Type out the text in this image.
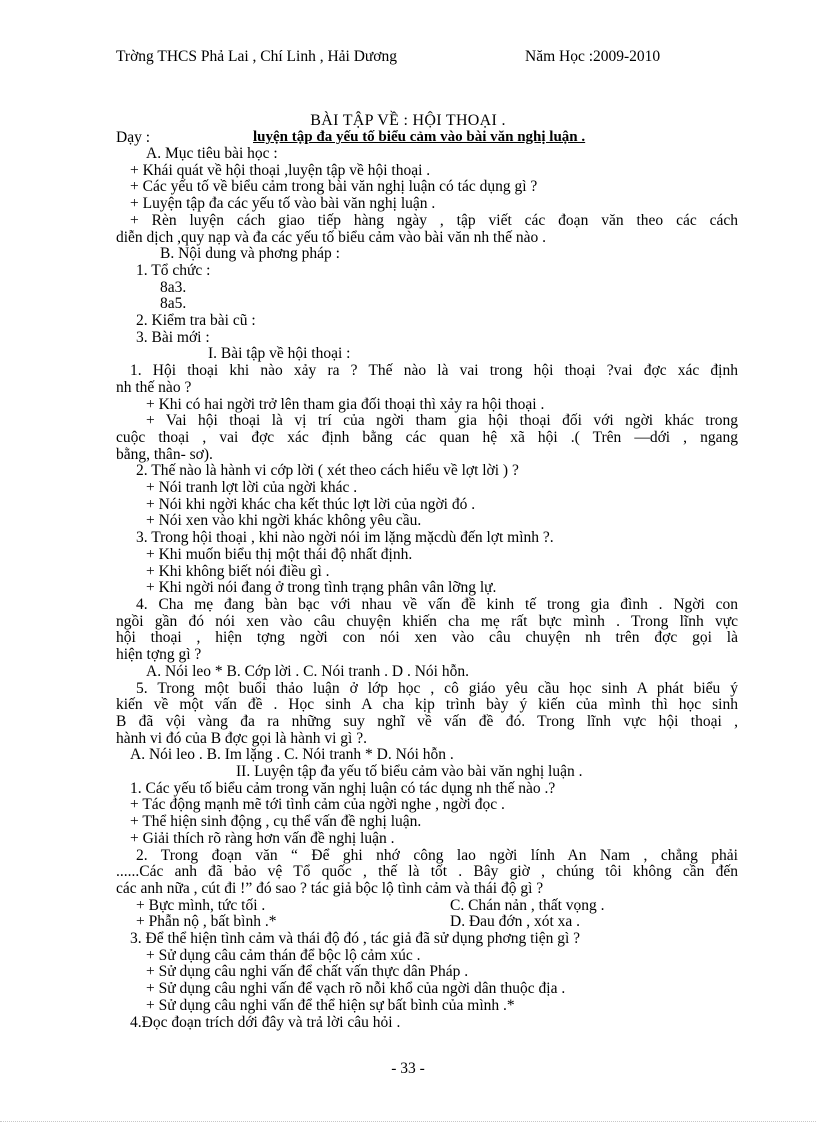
Trờng THCS Phả Lai , Chí Linh , Hải Dương	Năm Học :2009-2010
BÀI TẬP VỀ : HỘI THOẠI .
Dạy :	luyện tập đa yếu tố biểu cảm vào bài văn nghị luận .
A. Mục tiêu bài học :
+ Khái quát về hội thoại ,luyện tập về hội thoại .
+ Các yếu tố về biểu cảm trong bài văn nghị luận có tác dụng gì ?
+ Luyện tập đa các yếu tố vào bài văn nghị luận .
+ Rèn luyện cách giao tiếp hàng ngày , tập viết các đoạn văn theo các cách
diễn dịch ,quy nạp và đa các yếu tố biểu cảm vào bài văn nh thế nào .
B. Nội dung và phơng pháp :
1. Tổ chức :
8a3.
8a5.
2. Kiểm tra bài cũ :
3. Bài mới :
I. Bài tập về hội thoại :
1. Hội thoại khi nào xảy ra ? Thế nào là vai trong hội thoại ?vai đợc xác định
nh thế nào ?
+ Khi có hai ngời trở lên tham gia đối thoại thì xảy ra hội thoại .
+ Vai hội thoại là vị trí của ngời tham gia hội thoại đối với ngời khác trong
cuộc thoại , vai đợc xác định bằng các quan hệ xã hội .( Trên —dới , ngang
bằng, thân- sơ).
2. Thế nào là hành vi cớp lời ( xét theo cách hiểu về lợt lời ) ?
+ Nói tranh lợt lời của ngời khác .
+ Nói khi ngời khác cha kết thúc lợt lời của ngời đó .
+ Nói xen vào khi ngời khác không yêu cầu.
3. Trong hội thoại , khi nào ngời nói im lặng mặcdù đến lợt mình ?.
+ Khi muốn biểu thị một thái độ nhất định.
+ Khi không biết nói điều gì .
+ Khi ngời nói đang ở trong tình trạng phân vân lỡng lự.
4. Cha mẹ đang bàn bạc với nhau về vấn đề kinh tế trong gia đình . Ngời con
ngồi gần đó nói xen vào câu chuyện khiến cha mẹ rất bực mình . Trong lĩnh vực
hội thoại , hiện tợng ngời con nói xen vào câu chuyện nh trên đợc gọi là
hiện tợng gì ?
A. Nói leo * B. Cớp lời . C. Nói tranh . D . Nói hỗn.
5. Trong một buổi thảo luận ở lớp học , cô giáo yêu cầu học sinh A phát biểu ý
kiến về một vấn đề . Học sinh A cha kịp trình bày ý kiến của mình thì học sinh
B đã vội vàng đa ra những suy nghĩ về vấn đề đó. Trong lĩnh vực hội thoại ,
hành vi đó của B đợc gọi là hành vi gì ?.
A. Nói leo . B. Im lặng . C. Nói tranh * D. Nói hỗn .
II. Luyện tập đa yếu tố biểu cảm vào bài văn nghị luận .
1. Các yếu tố biểu cảm trong văn nghị luận có tác dụng nh thế nào .?
+ Tác động mạnh mẽ tới tình cảm của ngời nghe , ngời đọc .
+ Thể hiện sinh động , cụ thể vấn đề nghị luận.
+ Giải thích rõ ràng hơn vấn đề nghị luận .
2. Trong đoạn văn “ Để ghi nhớ công lao ngời lính An Nam , chẳng phải
......Các anh đã bảo vệ Tổ quốc , thế là tốt . Bây giờ , chúng tôi không cần đến
các anh nữa , cút đi !” đó sao ? tác giả bộc lộ tình cảm và thái độ gì ?
+ Bực mình, tức tối .	C. Chán nản , thất vọng .
+ Phẫn nộ , bất bình .*	D. Đau đớn , xót xa .
3. Để thể hiện tình cảm và thái độ đó , tác giả đã sử dụng phơng tiện gì ?
+ Sử dụng câu cảm thán để bộc lộ cảm xúc .
+ Sử dụng câu nghi vấn để chất vấn thực dân Pháp .
+ Sử dụng câu nghi vấn để vạch rõ nỗi khổ của ngời dân thuộc địa .
+ Sử dụng câu nghi vấn để thể hiện sự bất bình của mình .*
4.Đọc đoạn trích dới đây và trả lời câu hỏi .
- 33 -
